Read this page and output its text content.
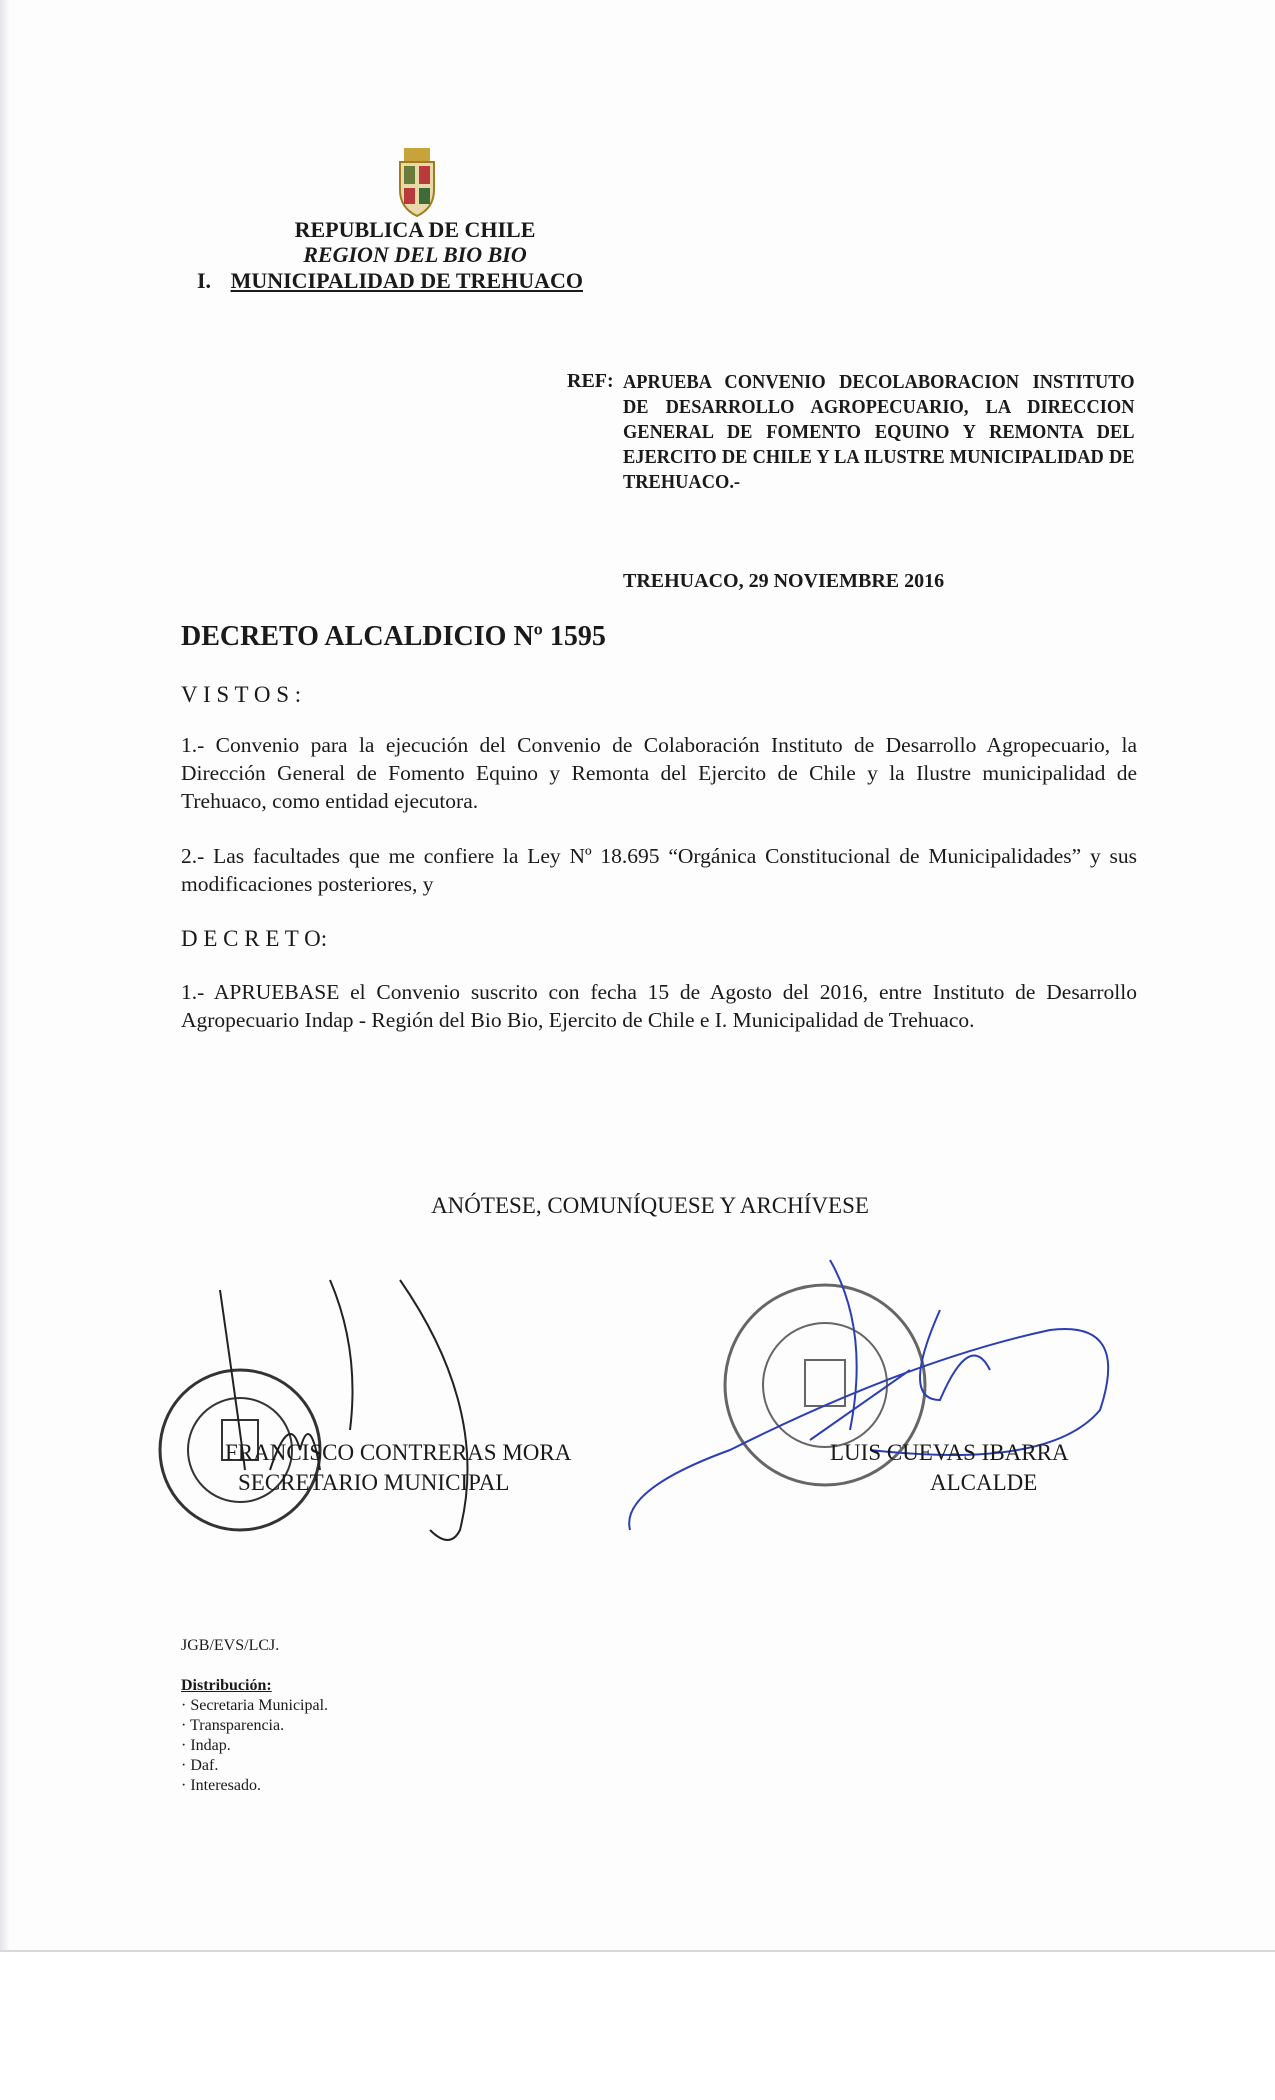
REPUBLICA DE CHILE
REGION DEL BIO BIO
I. MUNICIPALIDAD DE TREHUACO
REF: APRUEBA CONVENIO DECOLABORACION INSTITUTO DE DESARROLLO AGROPECUARIO, LA DIRECCION GENERAL DE FOMENTO EQUINO Y REMONTA DEL EJERCITO DE CHILE Y LA ILUSTRE MUNICIPALIDAD DE TREHUACO.-
TREHUACO, 29 NOVIEMBRE 2016
DECRETO ALCALDICIO Nº 1595
V I S T O S :
1.- Convenio para la ejecución del Convenio de Colaboración Instituto de Desarrollo Agropecuario, la Dirección General de Fomento Equino y Remonta del Ejercito de Chile y la Ilustre municipalidad de Trehuaco, como entidad ejecutora.
2.- Las facultades que me confiere la Ley Nº 18.695 “Orgánica Constitucional de Municipalidades” y sus modificaciones posteriores, y
D E C R E T O:
1.- APRUEBASE el Convenio suscrito con fecha 15 de Agosto del 2016, entre Instituto de Desarrollo Agropecuario Indap - Región del Bio Bio, Ejercito de Chile e I. Municipalidad de Trehuaco.
ANÓTESE, COMUNÍQUESE Y ARCHÍVESE
FRANCISCO CONTRERAS MORA
SECRETARIO MUNICIPAL
LUIS CUEVAS IBARRA
ALCALDE
JGB/EVS/LCJ.
Distribución:
· Secretaria Municipal.
· Transparencia.
· Indap.
· Daf.
· Interesado.
